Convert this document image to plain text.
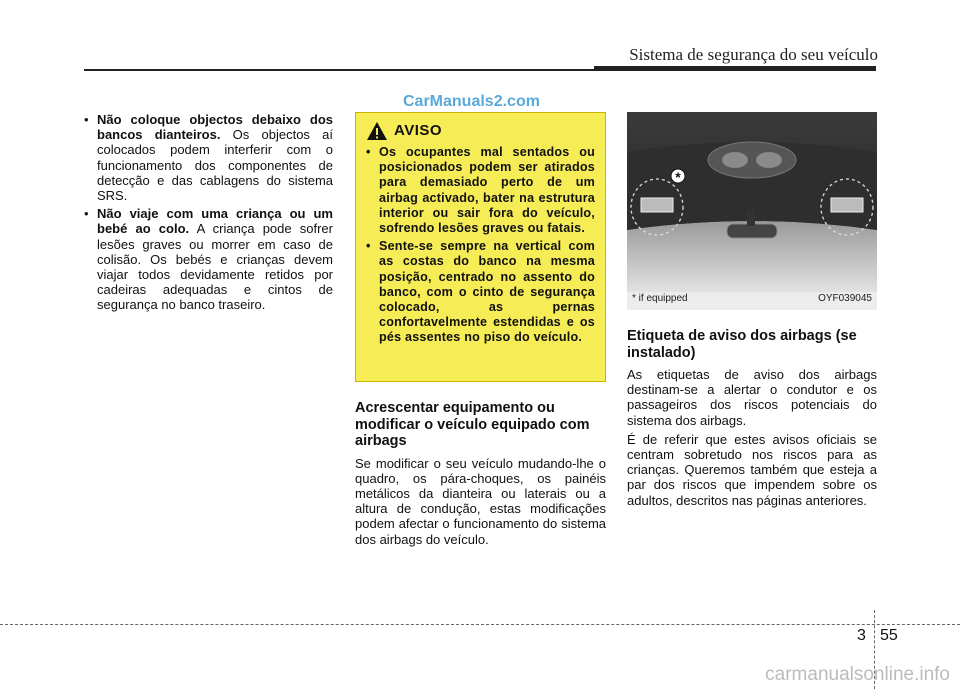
Sistema de segurança do seu veículo
CarManuals2.com
• Não coloque objectos debaixo dos bancos dianteiros. Os objectos aí colocados podem interferir com o funcionamento dos componentes de detecção e das cablagens do sistema SRS.
• Não viaje com uma criança ou um bebé ao colo. A criança pode sofrer lesões graves ou morrer em caso de colisão. Os bebés e crianças devem viajar todos devidamente retidos por cadeiras adequadas e cintos de segurança no banco traseiro.
AVISO
• Os ocupantes mal sentados ou posicionados podem ser atirados para demasiado perto de um airbag activado, bater na estrutura interior ou sair fora do veículo, sofrendo lesões graves ou fatais.
• Sente-se sempre na vertical com as costas do banco na mesma posição, centrado no assento do banco, com o cinto de segurança colocado, as pernas confortavelmente estendidas e os pés assentes no piso do veículo.
Acrescentar equipamento ou modificar o veículo equipado com airbags

Se modificar o seu veículo mudando-lhe o quadro, os pára-choques, os painéis metálicos da dianteira ou laterais ou a altura de condução, estas modificações podem afectar o funcionamento do sistema dos airbags do veículo.

*
* if equipped	OYF039045
Etiqueta de aviso dos airbags (se instalado)

As etiquetas de aviso dos airbags destinam-se a alertar o condutor e os passageiros dos riscos potenciais do sistema dos airbags.

É de referir que estes avisos oficiais se centram sobretudo nos riscos para as crianças. Queremos também que esteja a par dos riscos que impendem sobre os adultos, descritos nas páginas anteriores.

3 55
carmanualsonline.info
